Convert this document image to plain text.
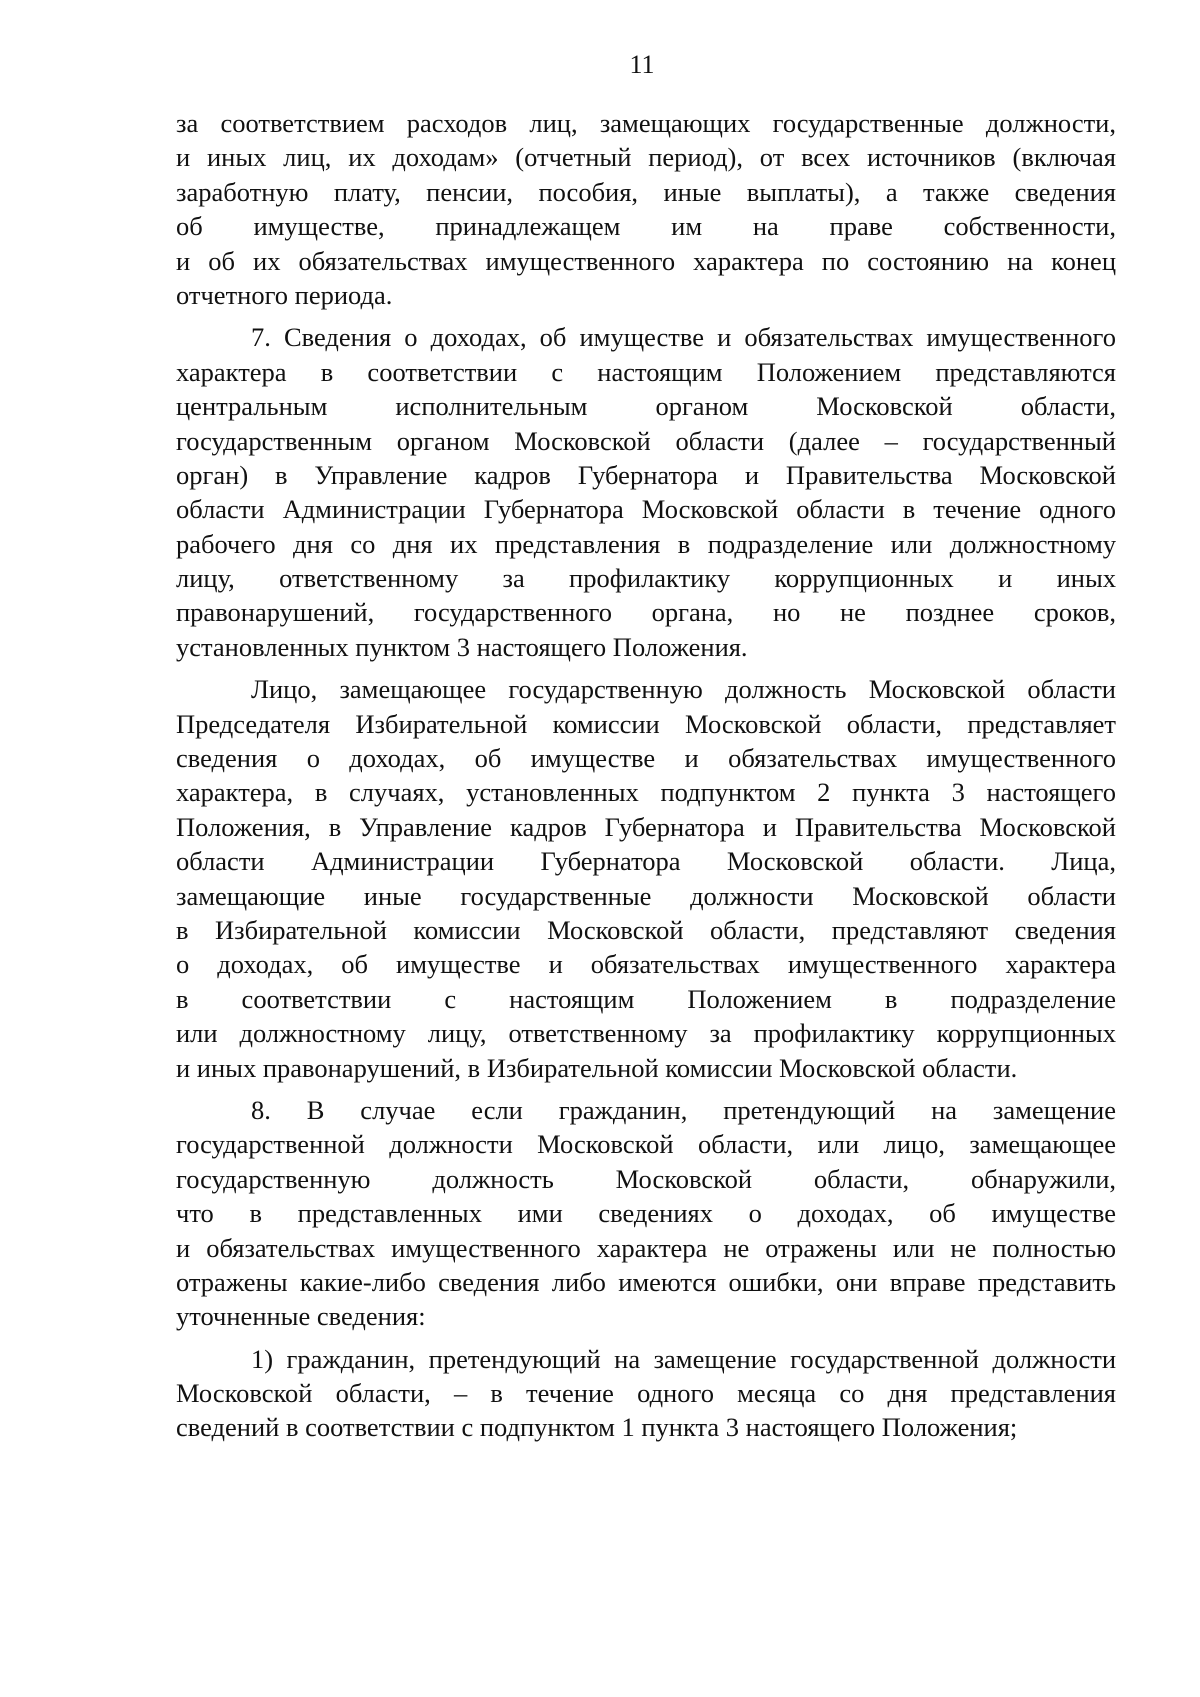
11
за соответствием расходов лиц, замещающих государственные должности,
и иных лиц, их доходам» (отчетный период), от всех источников (включая
заработную плату, пенсии, пособия, иные выплаты), а также сведения
об имуществе, принадлежащем им на праве собственности,
и об их обязательствах имущественного характера по состоянию на конец
отчетного периода.
7. Сведения о доходах, об имуществе и обязательствах имущественного
характера в соответствии с настоящим Положением представляются
центральным исполнительным органом Московской области,
государственным органом Московской области (далее – государственный
орган) в Управление кадров Губернатора и Правительства Московской
области Администрации Губернатора Московской области в течение одного
рабочего дня со дня их представления в подразделение или должностному
лицу, ответственному за профилактику коррупционных и иных
правонарушений, государственного органа, но не позднее сроков,
установленных пунктом 3 настоящего Положения.
Лицо, замещающее государственную должность Московской области
Председателя Избирательной комиссии Московской области, представляет
сведения о доходах, об имуществе и обязательствах имущественного
характера, в случаях, установленных подпунктом 2 пункта 3 настоящего
Положения, в Управление кадров Губернатора и Правительства Московской
области Администрации Губернатора Московской области. Лица,
замещающие иные государственные должности Московской области
в Избирательной комиссии Московской области, представляют сведения
о доходах, об имуществе и обязательствах имущественного характера
в соответствии с настоящим Положением в подразделение
или должностному лицу, ответственному за профилактику коррупционных
и иных правонарушений, в Избирательной комиссии Московской области.
8. В случае если гражданин, претендующий на замещение
государственной должности Московской области, или лицо, замещающее
государственную должность Московской области, обнаружили,
что в представленных ими сведениях о доходах, об имуществе
и обязательствах имущественного характера не отражены или не полностью
отражены какие-либо сведения либо имеются ошибки, они вправе представить
уточненные сведения:
1) гражданин, претендующий на замещение государственной должности
Московской области, – в течение одного месяца со дня представления
сведений в соответствии с подпунктом 1 пункта 3 настоящего Положения;
